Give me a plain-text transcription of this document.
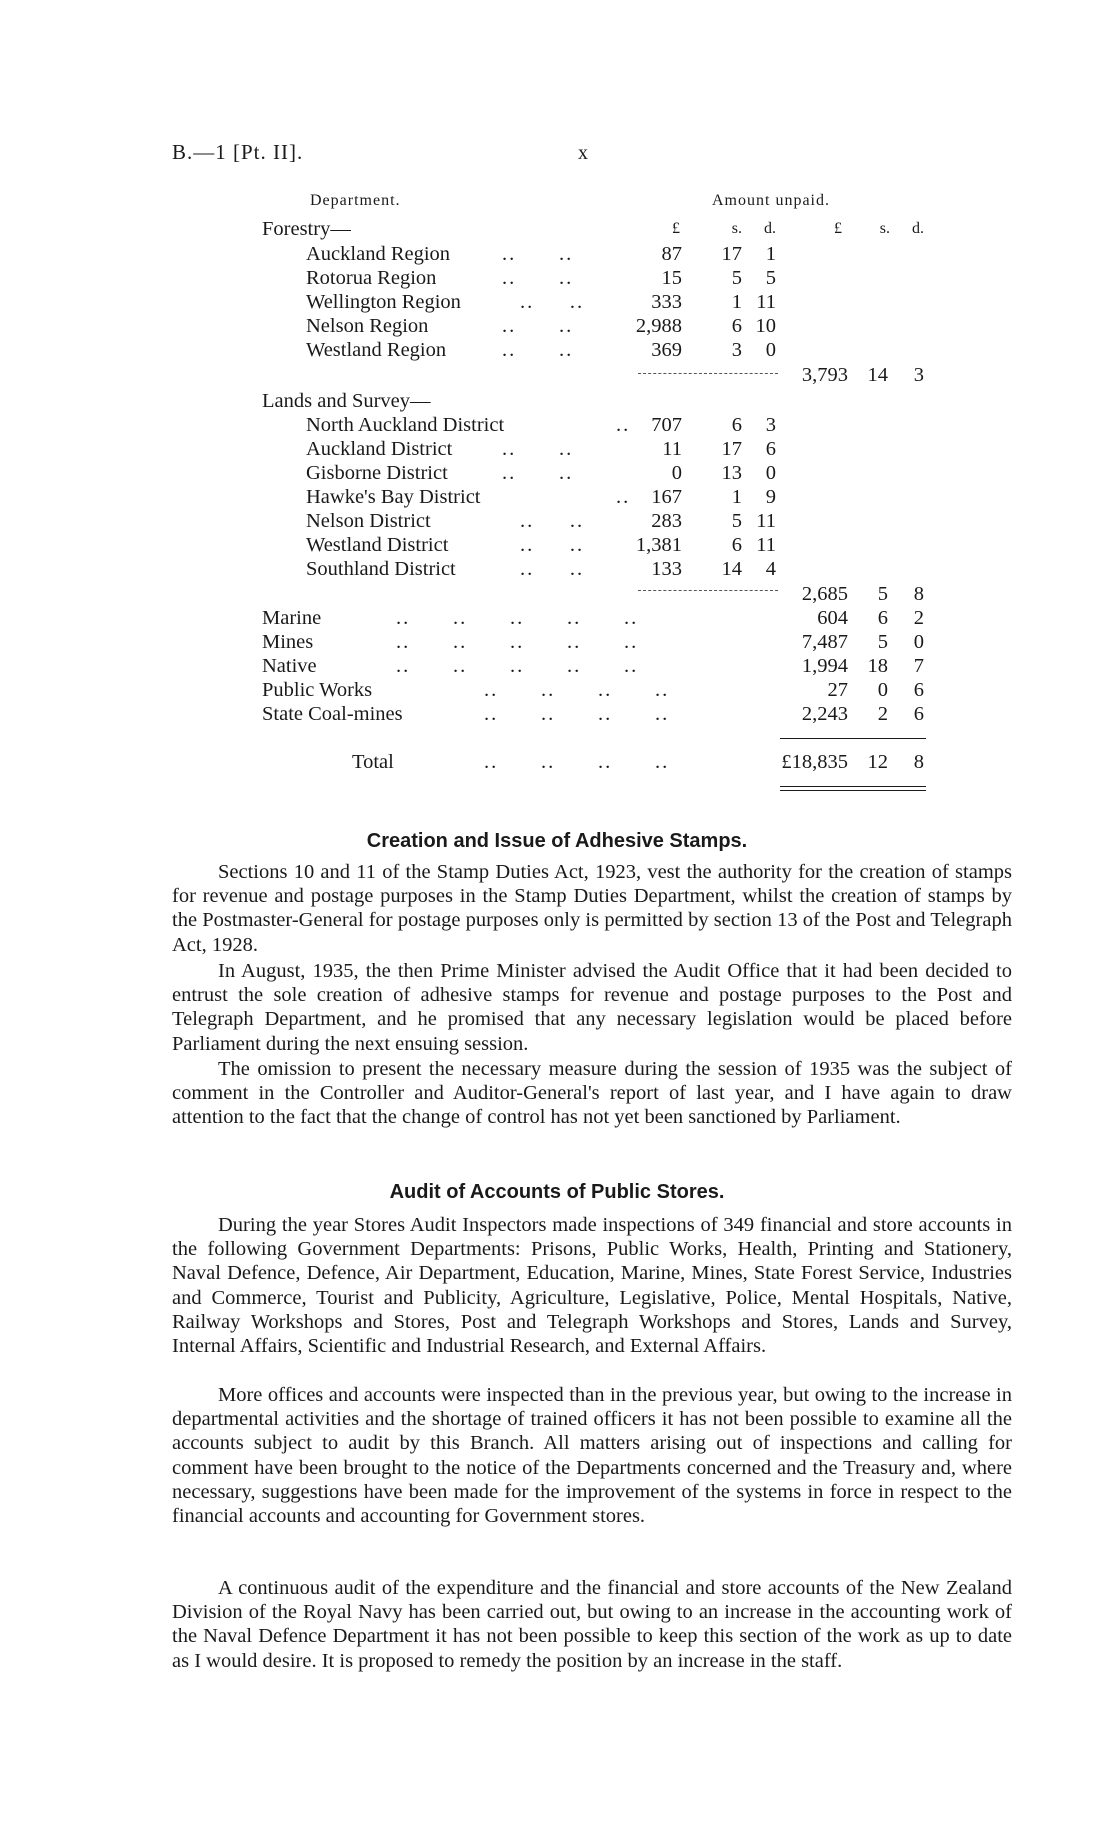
B.—1 [Pt. II].	x
Department.	Amount unpaid.
Forestry—	£	s.	d.	£	s.	d.
Auckland Region	..      ..	87	17	1
Rotorua Region	..      ..	15	5	5
Wellington Region	..     ..	333	1 11
Nelson Region	..      ..	2,988	6 10
Westland Region	..      ..	369	3	0
3,793 14	3
Lands and Survey—
North Auckland District	..	707	6	3
Auckland District ..      ..	11	17	6
Gisborne District	..      ..	0	13	0
Hawke's Bay District	..	167	1	9
Nelson District	..     ..	283	5 11
Westland District	..     ..	1,381	6 11
Southland District	..     ..	133	14	4
2,685	5	8
Marine	..      ..      ..      ..      ..	604	6	2
Mines	..      ..      ..      ..      ..	7,487	5	0
Native	..      ..      ..      ..      ..	1,994 18	7
Public Works	..      ..      ..      ..	27	0	6
State Coal-mines	..      ..      ..      ..	2,243	2	6
Total	..      ..      ..      ..	£18,835 12	8
Creation and Issue of Adhesive Stamps.

Sections 10 and 11 of the Stamp Duties Act, 1923, vest the authority for the creation of stamps for revenue and postage purposes in the Stamp Duties Department, whilst the creation of stamps by the Postmaster-General for postage purposes only is permitted by section 13 of the Post and Telegraph Act, 1928.

In August, 1935, the then Prime Minister advised the Audit Office that it had been decided to entrust the sole creation of adhesive stamps for revenue and postage purposes to the Post and Telegraph Department, and he promised that any necessary legislation would be placed before Parliament during the next ensuing session.

The omission to present the necessary measure during the session of 1935 was the subject of comment in the Controller and Auditor-General's report of last year, and I have again to draw attention to the fact that the change of control has not yet been sanctioned by Parliament.

Audit of Accounts of Public Stores.

During the year Stores Audit Inspectors made inspections of 349 financial and store accounts in the following Government Departments: Prisons, Public Works, Health, Printing and Stationery, Naval Defence, Defence, Air Department, Education, Marine, Mines, State Forest Service, Industries and Commerce, Tourist and Publicity, Agriculture, Legislative, Police, Mental Hospitals, Native, Railway Workshops and Stores, Post and Telegraph Workshops and Stores, Lands and Survey, Internal Affairs, Scientific and Industrial Research, and External Affairs.

More offices and accounts were inspected than in the previous year, but owing to the increase in departmental activities and the shortage of trained officers it has not been possible to examine all the accounts subject to audit by this Branch. All matters arising out of inspections and calling for comment have been brought to the notice of the Departments concerned and the Treasury and, where necessary, suggestions have been made for the improvement of the systems in force in respect to the financial accounts and accounting for Government stores.

A continuous audit of the expenditure and the financial and store accounts of the New Zealand Division of the Royal Navy has been carried out, but owing to an increase in the accounting work of the Naval Defence Department it has not been possible to keep this section of the work as up to date as I would desire. It is proposed to remedy the position by an increase in the staff.
